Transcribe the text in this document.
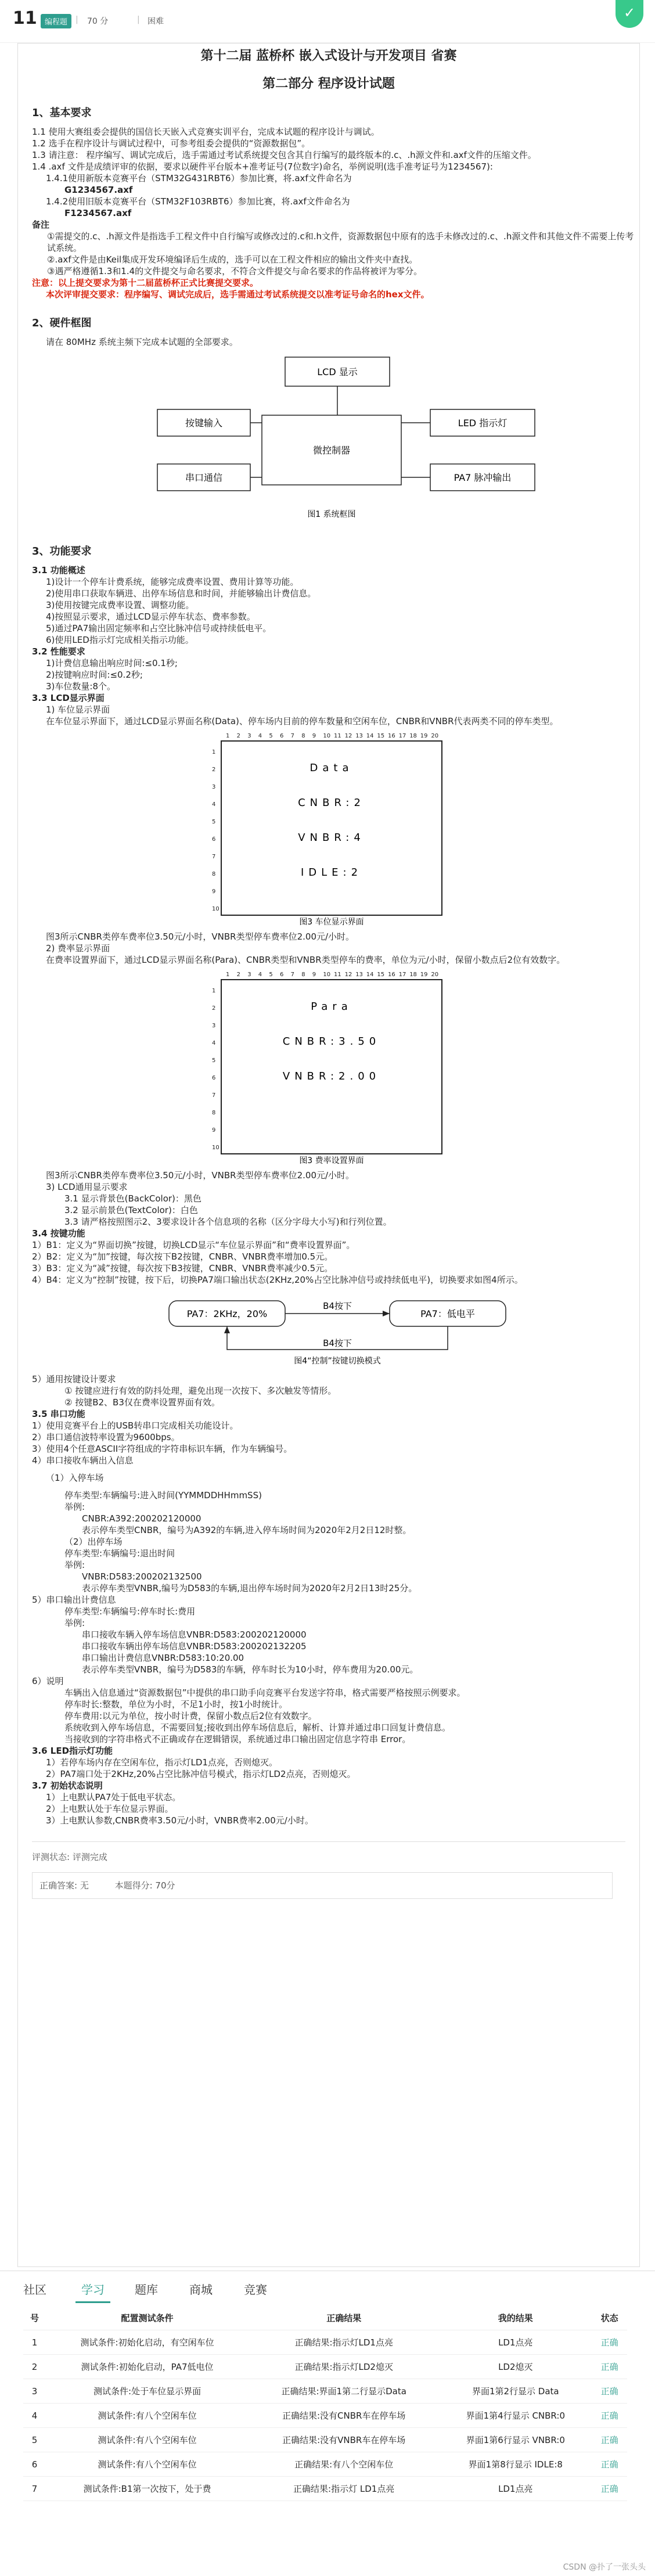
11	编程题 | 70 分	| 困难
✓
第十二届 蓝桥杯 嵌入式设计与开发项目 省赛
第二部分 程序设计试题
1、基本要求
1.1 使用大赛组委会提供的国信长天嵌入式竞赛实训平台，完成本试题的程序设计与调试。
1.2 选手在程序设计与调试过程中，可参考组委会提供的“资源数据包”。
1.3 请注意： 程序编写、调试完成后，选手需通过考试系统提交包含其自行编写的最终版本的.c、.h源文件和.axf文件的压缩文件。
1.4 .axf 文件是成绩评审的依据，要求以硬件平台版本+准考证号(7位数字)命名，举例说明(选手准考证号为1234567):
1.4.1使用新版本竞赛平台（STM32G431RBT6）参加比赛，将.axf文件命名为
G1234567.axf
1.4.2使用旧版本竞赛平台（STM32F103RBT6）参加比赛，将.axf文件命名为
F1234567.axf
备注
①需提交的.c、.h源文件是指选手工程文件中自行编写或修改过的.c和.h文件，资源数据包中原有的选手未修改过的.c、.h源文件和其他文件不需要上传考试系统。
②.axf文件是由Keil集成开发环境编译后生成的，选手可以在工程文件相应的输出文件夹中查找。
③遇严格遵循1.3和1.4的文件提交与命名要求，不符合文件提交与命名要求的作品将被评为零分。
注意：以上提交要求为第十二届蓝桥杯正式比赛提交要求。
本次评审提交要求：程序编写、调试完成后，选手需通过考试系统提交以准考证号命名的hex文件。
2、硬件框图
请在 80MHz 系统主频下完成本试题的全部要求。
LCD 显示
按键输入
微控制器
LED 指示灯
串口通信	PA7 脉冲输出
图1 系统框图
3、功能要求
3.1 功能概述
1)设计一个停车计费系统，能够完成费率设置、费用计算等功能。
2)使用串口获取车辆进、出停车场信息和时间，并能够输出计费信息。
3)使用按键完成费率设置、调整功能。
4)按照显示要求，通过LCD显示停车状态、费率参数。
5)通过PA7输出固定频率和占空比脉冲信号或持续低电平。
6)使用LED指示灯完成相关指示功能。
3.2 性能要求
1)计费信息输出响应时间:≤0.1秒;
2)按键响应时间:≤0.2秒;
3)车位数量:8个。
3.3 LCD显示界面
1) 车位显示界面
在车位显示界面下，通过LCD显示界面名称(Data)、停车场内目前的停车数量和空闲车位，CNBR和VNBR代表两类不同的停车类型。
1 2 3 4 5 6 7 8 9 10 11 12 13 14 15 16 17 18 19 20
1
2
3
4
5
6
7
8
9
10
Data
CNBR:2
VNBR:4
IDLE:2
图3 车位显示界面
图3所示CNBR类停车费率位3.50元/小时，VNBR类型停车费率位2.00元/小时。
2) 费率显示界面
在费率设置界面下，通过LCD显示界面名称(Para)、CNBR类型和VNBR类型停车的费率，单位为元/小时，保留小数点后2位有效数字。
1 2 3 4 5 6 7 8 9 10 11 12 13 14 15 16 17 18 19 20
1
2
3
4
5
6
7
8
9
10
Para
CNBR:3.50
VNBR:2.00
图3 费率设置界面
图3所示CNBR类停车费率位3.50元/小时，VNBR类型停车费率位2.00元/小时。
3) LCD通用显示要求
3.1 显示背景色(BackColor)：黑色
3.2 显示前景色(TextColor)：白色
3.3 请严格按照图示2、3要求设计各个信息项的名称（区分字母大小写)和行列位置。
3.4 按键功能
1）B1：定义为“界面切换”按键，切换LCD显示“车位显示界面”和“费率设置界面”。
2）B2：定义为“加”按键，每次按下B2按键，CNBR、VNBR费率增加0.5元。
3）B3：定义为“减”按键，每次按下B3按键，CNBR、VNBR费率减少0.5元。
4）B4：定义为“控制”按键，按下后，切换PA7端口输出状态(2KHz,20%占空比脉冲信号或持续低电平)，切换要求如图4所示。
PA7：2KHz，20%	PA7：低电平
B4按下
B4按下
图4“控制”按键切换模式
5）通用按键设计要求
① 按键应进行有效的防抖处理，避免出现一次按下、多次触发等情形。
② 按键B2、B3仅在费率设置界面有效。
3.5 串口功能
1）使用竞赛平台上的USB转串口完成相关功能设计。
2）串口通信波特率设置为9600bps。
3）使用4个任意ASCII字符组成的字符串标识车辆，作为车辆编号。
4）串口接收车辆出入信息
（1）入停车场
停车类型:车辆编号:进入时间(YYMMDDHHmmSS)
举例:
CNBR:A392:200202120000
表示停车类型CNBR，编号为A392的车辆,进入停车场时间为2020年2月2日12时整。
（2）出停车场
停车类型:车辆编号:退出时间
举例:
VNBR:D583:200202132500
表示停车类型VNBR,编号为D583的车辆,退出停车场时间为2020年2月2日13时25分。
5）串口输出计费信息
停车类型:车辆编号:停车时长:费用
举例:
串口接收车辆入停车场信息VNBR:D583:200202120000
串口接收车辆出停车场信息VNBR:D583:200202132205
串口输出计费信息VNBR:D583:10:20.00
表示停车类型VNBR，编号为D583的车辆，停车时长为10小时，停车费用为20.00元。
6）说明
车辆出入信息通过“资源数据包”中提供的串口助手向竞赛平台发送字符串，格式需要严格按照示例要求。
停车时长:整数，单位为小时，不足1小时，按1小时统计。
停车费用:以元为单位，按小时计费，保留小数点后2位有效数字。
系统收到入停车场信息，不需要回复;接收到出停车场信息后，解析、计算并通过串口回复计费信息。
当接收到的字符串格式不正确或存在逻辑错误，系统通过串口输出固定信息字符串 Error。
3.6 LED指示灯功能
1）若停车场内存在空闲车位，指示灯LD1点亮，否则熄灭。
2）PA7端口处于2KHz,20%占空比脉冲信号模式，指示灯LD2点亮，否则熄灭。
3.7 初始状态说明
1）上电默认PA7处于低电平状态。
2）上电默认处于车位显示界面。
3）上电默认参数,CNBR费率3.50元/小时，VNBR费率2.00元/小时。
评测状态: 评测完成
正确答案: 无	本题得分: 70分
社区	学习	题库	商城	竞赛
号	配置测试条件	正确结果	我的结果	状态
1	测试条件:初始化启动，有空闲车位	正确结果:指示灯LD1点亮	LD1点亮	正确
2	测试条件:初始化启动，PA7低电位	正确结果:指示灯LD2熄灭	LD2熄灭	正确
3	测试条件:处于车位显示界面	正确结果:界面1第二行显示Data	界面1第2行显示 Data	正确
4	测试条件:有八个空闲车位	正确结果:没有CNBR车在停车场	界面1第4行显示 CNBR:0	正确
5	测试条件:有八个空闲车位	正确结果:没有VNBR车在停车场	界面1第6行显示 VNBR:0	正确
6	测试条件:有八个空闲车位	正确结果:有八个空闲车位	界面1第8行显示 IDLE:8	正确
7	测试条件:B1第一次按下，处于费	正确结果:指示灯 LD1点亮	LD1点亮	正确
CSDN @扑了一张头头
